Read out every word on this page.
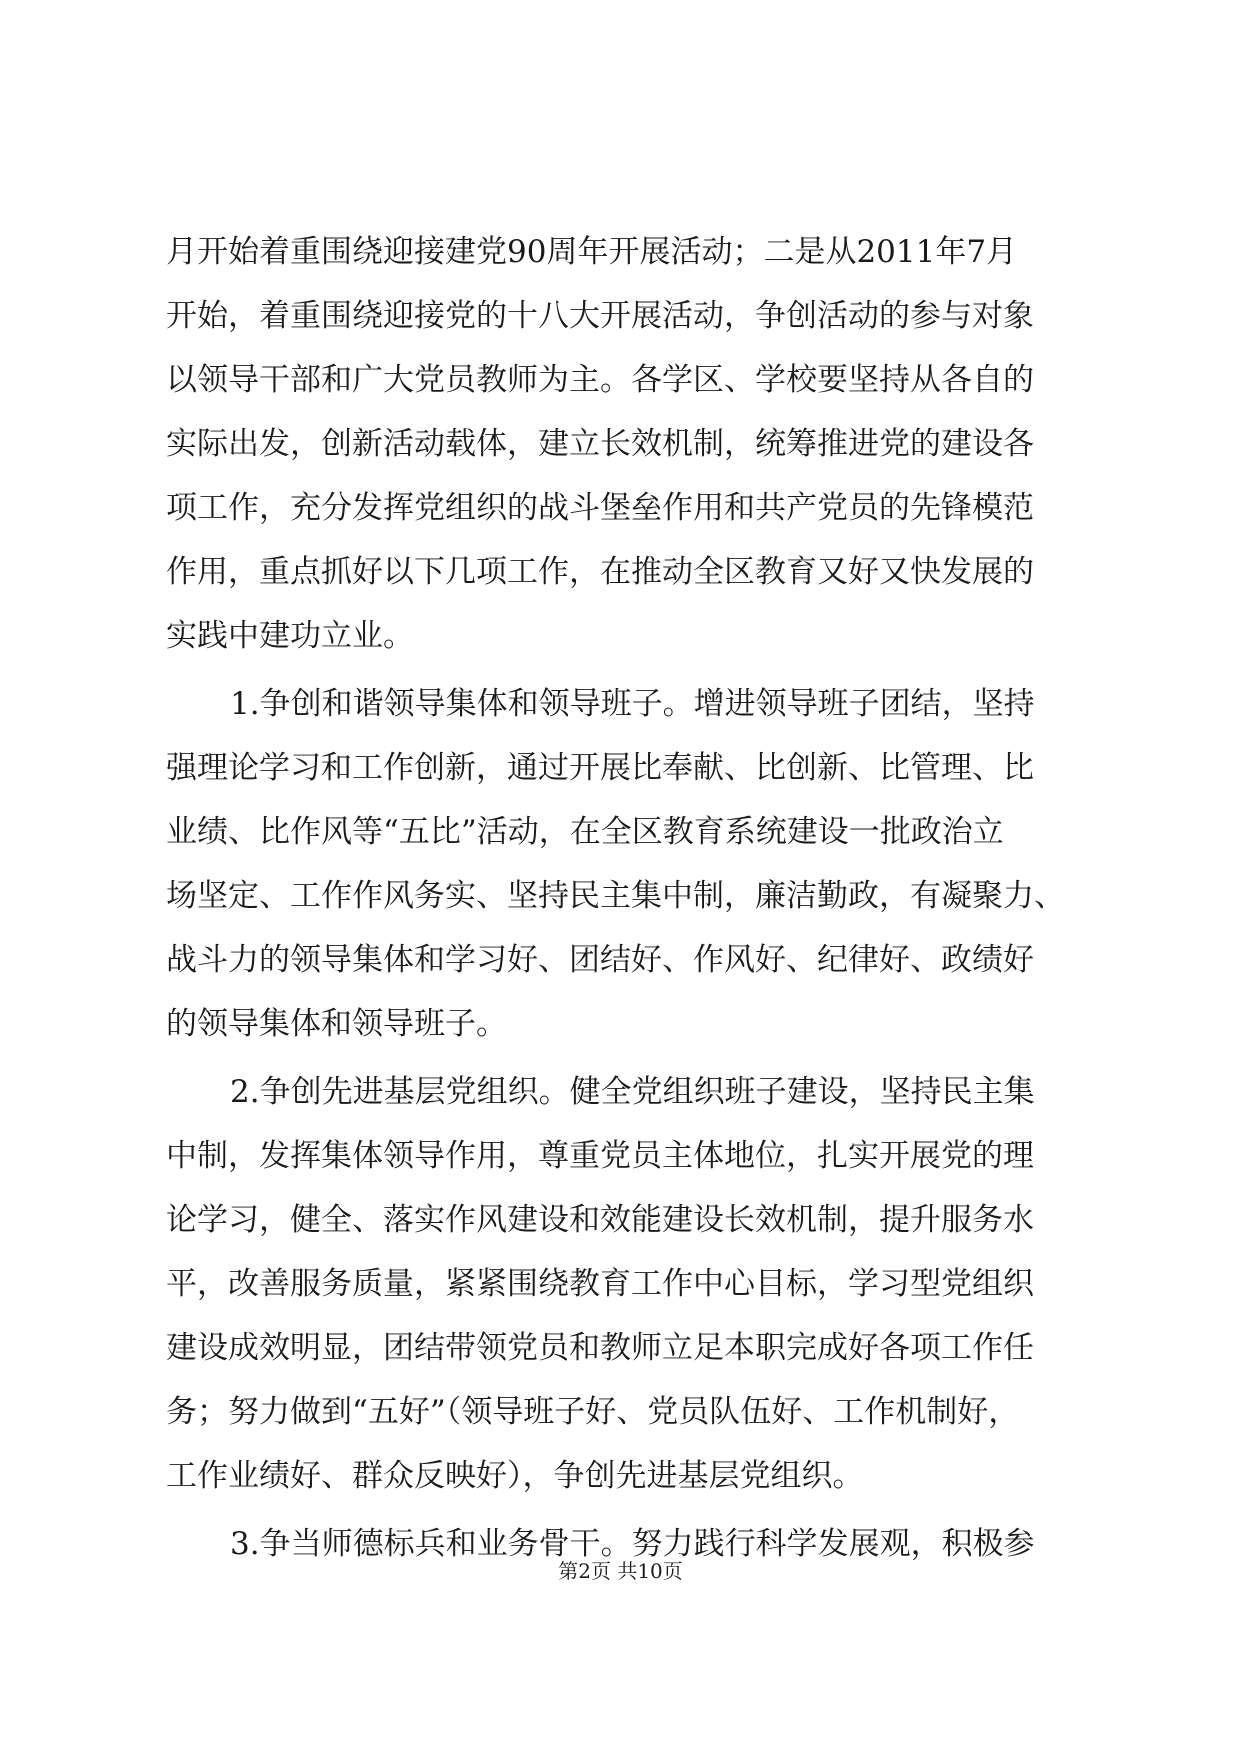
月开始着重围绕迎接建党90周年开展活动；二是从2011年7月
开始，着重围绕迎接党的十八大开展活动，争创活动的参与对象
以领导干部和广大党员教师为主。各学区、学校要坚持从各自的
实际出发，创新活动载体，建立长效机制，统筹推进党的建设各
项工作，充分发挥党组织的战斗堡垒作用和共产党员的先锋模范
作用，重点抓好以下几项工作，在推动全区教育又好又快发展的
实践中建功立业。
1.争创和谐领导集体和领导班子。增进领导班子团结，坚持
强理论学习和工作创新，通过开展比奉献、比创新、比管理、比
业绩、比作风等“五比”活动，在全区教育系统建设一批政治立
场坚定、工作作风务实、坚持民主集中制，廉洁勤政，有凝聚力、
战斗力的领导集体和学习好、团结好、作风好、纪律好、政绩好
的领导集体和领导班子。
2.争创先进基层党组织。健全党组织班子建设，坚持民主集
中制，发挥集体领导作用，尊重党员主体地位，扎实开展党的理
论学习，健全、落实作风建设和效能建设长效机制，提升服务水
平，改善服务质量，紧紧围绕教育工作中心目标，学习型党组织
建设成效明显，团结带领党员和教师立足本职完成好各项工作任
务；努力做到“五好”（领导班子好、党员队伍好、工作机制好，
工作业绩好、群众反映好），争创先进基层党组织。
3.争当师德标兵和业务骨干。努力践行科学发展观，积极参
第2页 共10页
